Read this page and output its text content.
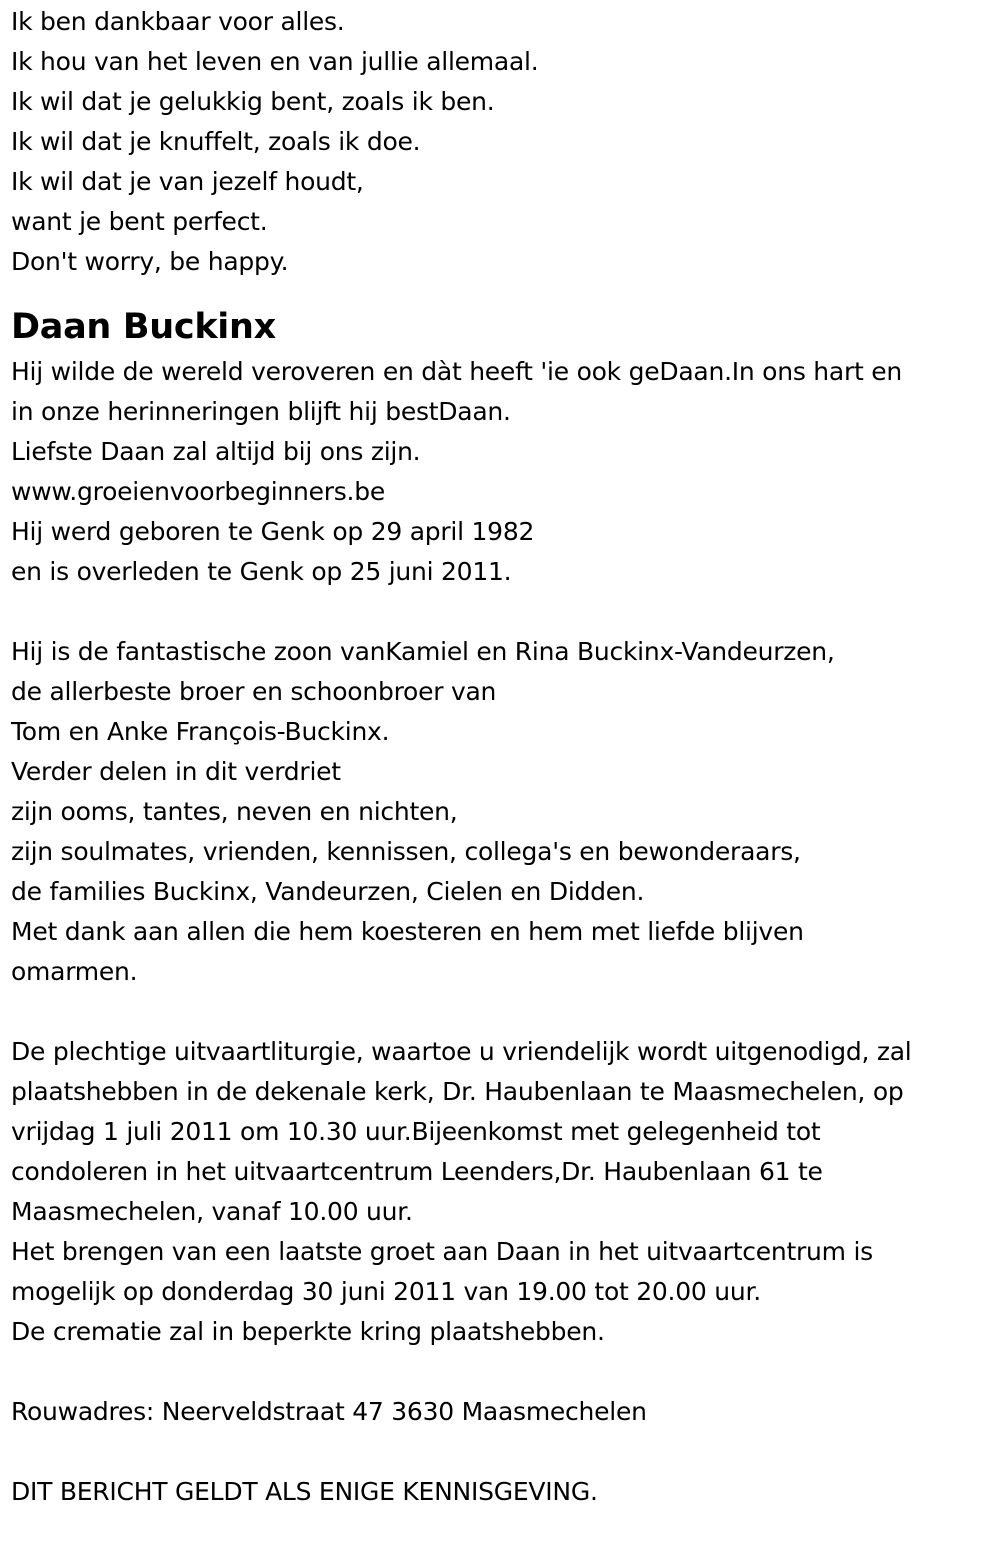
Ik ben dankbaar voor alles.
Ik hou van het leven en van jullie allemaal.
Ik wil dat je gelukkig bent, zoals ik ben.
Ik wil dat je knuffelt, zoals ik doe.
Ik wil dat je van jezelf houdt,
want je bent perfect.
Don't worry, be happy.
Daan Buckinx
Hij wilde de wereld veroveren en dàt heeft 'ie ook geDaan.In ons hart en
in onze herinneringen blijft hij bestDaan.
Liefste Daan zal altijd bij ons zijn.
www.groeienvoorbeginners.be
Hij werd geboren te Genk op 29 april 1982
en is overleden te Genk op 25 juni 2011.
Hij is de fantastische zoon vanKamiel en Rina Buckinx-Vandeurzen,
de allerbeste broer en schoonbroer van
Tom en Anke François-Buckinx.
Verder delen in dit verdriet
zijn ooms, tantes, neven en nichten,
zijn soulmates, vrienden, kennissen, collega's en bewonderaars,
de families Buckinx, Vandeurzen, Cielen en Didden.
Met dank aan allen die hem koesteren en hem met liefde blijven
omarmen.
De plechtige uitvaartliturgie, waartoe u vriendelijk wordt uitgenodigd, zal
plaatshebben in de dekenale kerk, Dr. Haubenlaan te Maasmechelen, op
vrijdag 1 juli 2011 om 10.30 uur.Bijeenkomst met gelegenheid tot
condoleren in het uitvaartcentrum Leenders,Dr. Haubenlaan 61 te
Maasmechelen, vanaf 10.00 uur.
Het brengen van een laatste groet aan Daan in het uitvaartcentrum is
mogelijk op donderdag 30 juni 2011 van 19.00 tot 20.00 uur.
De crematie zal in beperkte kring plaatshebben.
Rouwadres: Neerveldstraat 47 3630 Maasmechelen
DIT BERICHT GELDT ALS ENIGE KENNISGEVING.
